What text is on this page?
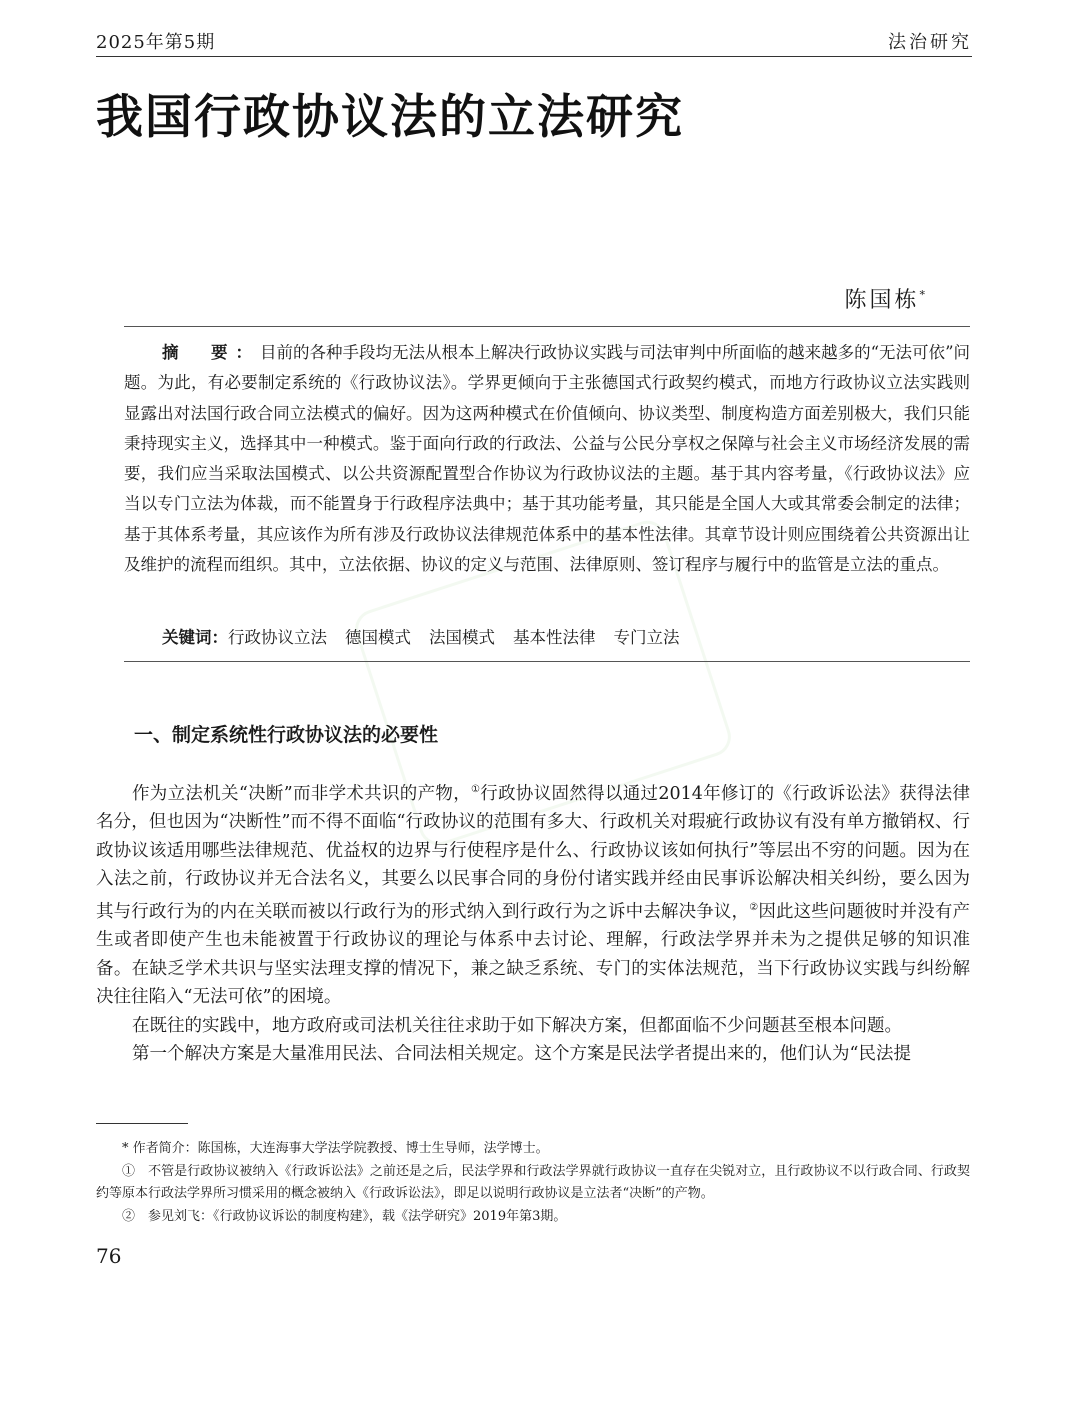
2025年第5期	法治研究
我国行政协议法的立法研究
陈国栋*

摘　要：目前的各种手段均无法从根本上解决行政协议实践与司法审判中所面临的越来越多的“无法可依”问题。为此，有必要制定系统的《行政协议法》。学界更倾向于主张德国式行政契约模式，而地方行政协议立法实践则显露出对法国行政合同立法模式的偏好。因为这两种模式在价值倾向、协议类型、制度构造方面差别极大，我们只能秉持现实主义，选择其中一种模式。鉴于面向行政的行政法、公益与公民分享权之保障与社会主义市场经济发展的需要，我们应当采取法国模式、以公共资源配置型合作协议为行政协议法的主题。基于其内容考量，《行政协议法》应当以专门立法为体裁，而不能置身于行政程序法典中；基于其功能考量，其只能是全国人大或其常委会制定的法律；基于其体系考量，其应该作为所有涉及行政协议法律规范体系中的基本性法律。其章节设计则应围绕着公共资源出让及维护的流程而组织。其中，立法依据、协议的定义与范围、法律原则、签订程序与履行中的监管是立法的重点。

关键词：行政协议立法 德国模式 法国模式 基本性法律 专门立法
一、制定系统性行政协议法的必要性

作为立法机关“决断”而非学术共识的产物，①行政协议固然得以通过2014年修订的《行政诉讼法》获得法律名分，但也因为“决断性”而不得不面临“行政协议的范围有多大、行政机关对瑕疵行政协议有没有单方撤销权、行政协议该适用哪些法律规范、优益权的边界与行使程序是什么、行政协议该如何执行”等层出不穷的问题。因为在入法之前，行政协议并无合法名义，其要么以民事合同的身份付诸实践并经由民事诉讼解决相关纠纷，要么因为其与行政行为的内在关联而被以行政行为的形式纳入到行政行为之诉中去解决争议，②因此这些问题彼时并没有产生或者即使产生也未能被置于行政协议的理论与体系中去讨论、理解，行政法学界并未为之提供足够的知识准备。在缺乏学术共识与坚实法理支撑的情况下，兼之缺乏系统、专门的实体法规范，当下行政协议实践与纠纷解决往往陷入“无法可依”的困境。

在既往的实践中，地方政府或司法机关往往求助于如下解决方案，但都面临不少问题甚至根本问题。

第一个解决方案是大量准用民法、合同法相关规定。这个方案是民法学者提出来的，他们认为“民法提

* 作者简介：陈国栋，大连海事大学法学院教授、博士生导师，法学博士。

①　不管是行政协议被纳入《行政诉讼法》之前还是之后，民法学界和行政法学界就行政协议一直存在尖锐对立，且行政协议不以行政合同、行政契约等原本行政法学界所习惯采用的概念被纳入《行政诉讼法》，即足以说明行政协议是立法者“决断”的产物。

②　参见刘飞：《行政协议诉讼的制度构建》，载《法学研究》2019年第3期。

76
